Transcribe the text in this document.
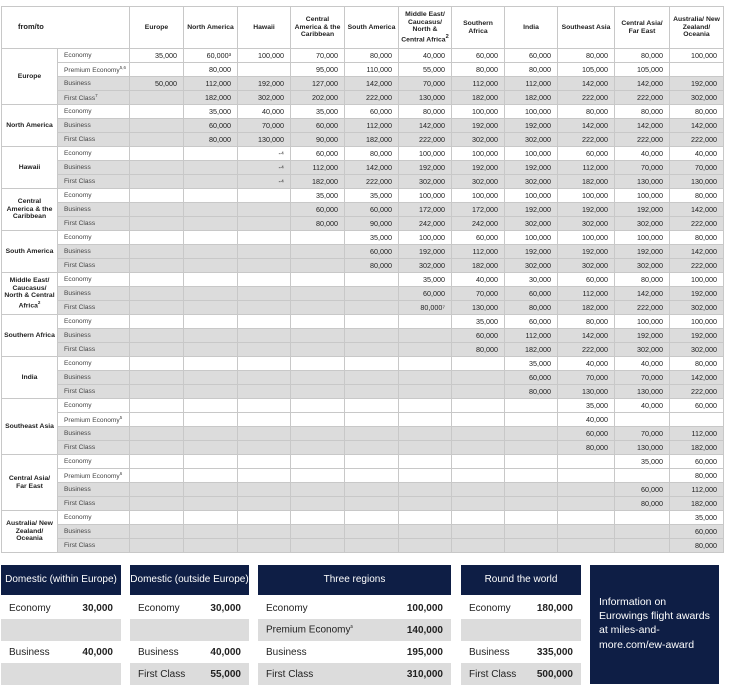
from/to		Europe	North America	Hawaii	Central America & the Caribbean	South America	Middle East/ Caucasus/ North & Central Africa$^2$	Southern Africa	India	Southeast Asia	Central Asia/ Far East	Australia/ New Zealand/ Oceania
Europe	Economy	35,000	60,000³	100,000	70,000	80,000	40,000	60,000	60,000	80,000	80,000	100,000
	Premium Economy$^{5,6}$		80,000		95,000	110,000	55,000	80,000	80,000	105,000	105,000	
	Business	50,000	112,000	192,000	127,000	142,000	70,000	112,000	112,000	142,000	142,000	192,000
	First Class$^7$		182,000	302,000	202,000	222,000	130,000	182,000	182,000	222,000	222,000	302,000
North America	Economy		35,000	40,000	35,000	60,000	80,000	100,000	100,000	80,000	80,000	80,000
	Business		60,000	70,000	60,000	112,000	142,000	192,000	192,000	142,000	142,000	142,000
	First Class		80,000	130,000	90,000	182,000	222,000	302,000	302,000	222,000	222,000	222,000
Hawaii	Economy			-⁴	60,000	80,000	100,000	100,000	100,000	60,000	40,000	40,000
	Business			-⁴	112,000	142,000	192,000	192,000	192,000	112,000	70,000	70,000
	First Class			-⁴	182,000	222,000	302,000	302,000	302,000	182,000	130,000	130,000
Central America & the Caribbean	Economy				35,000	35,000	100,000	100,000	100,000	100,000	100,000	80,000
	Business				60,000	60,000	172,000	172,000	192,000	192,000	192,000	142,000
	First Class				80,000	90,000	242,000	242,000	302,000	302,000	302,000	222,000
South America	Economy					35,000	100,000	60,000	100,000	100,000	100,000	80,000
	Business					60,000	192,000	112,000	192,000	192,000	192,000	142,000
	First Class					80,000	302,000	182,000	302,000	302,000	302,000	222,000
Middle East/ Caucasus/ North & Central Africa$^2$	Economy						35,000	40,000	30,000	60,000	80,000	100,000
	Business						60,000	70,000	60,000	112,000	142,000	192,000
	First Class						80,000⁷	130,000	80,000	182,000	222,000	302,000
Southern Africa	Economy							35,000	60,000	80,000	100,000	100,000
	Business							60,000	112,000	142,000	192,000	192,000
	First Class							80,000	182,000	222,000	302,000	302,000
India	Economy								35,000	40,000	40,000	80,000
	Business								60,000	70,000	70,000	142,000
	First Class								80,000	130,000	130,000	222,000
Southeast Asia	Economy									35,000	40,000	60,000
	Premium Economy$^5$									40,000		
	Business									60,000	70,000	112,000
	First Class									80,000	130,000	182,000
Central Asia/ Far East	Economy										35,000	60,000
	Premium Economy$^6$											80,000
	Business										60,000	112,000
	First Class										80,000	182,000
Australia/ New Zealand/ Oceania	Economy											35,000
	Business											60,000
	First Class											80,000
Domestic (within Europe)
Economy	30,000
Business	40,000
Domestic (outside Europe)
Economy	30,000
Business	40,000
First Class	55,000
Three regions
Economy	100,000
Premium Economy$^5$	140,000
Business	195,000
First Class	310,000
Round the world
Economy	180,000
Business	335,000
First Class 500,000
Information on Eurowings flight awards at miles-and-more.com/ew-award
